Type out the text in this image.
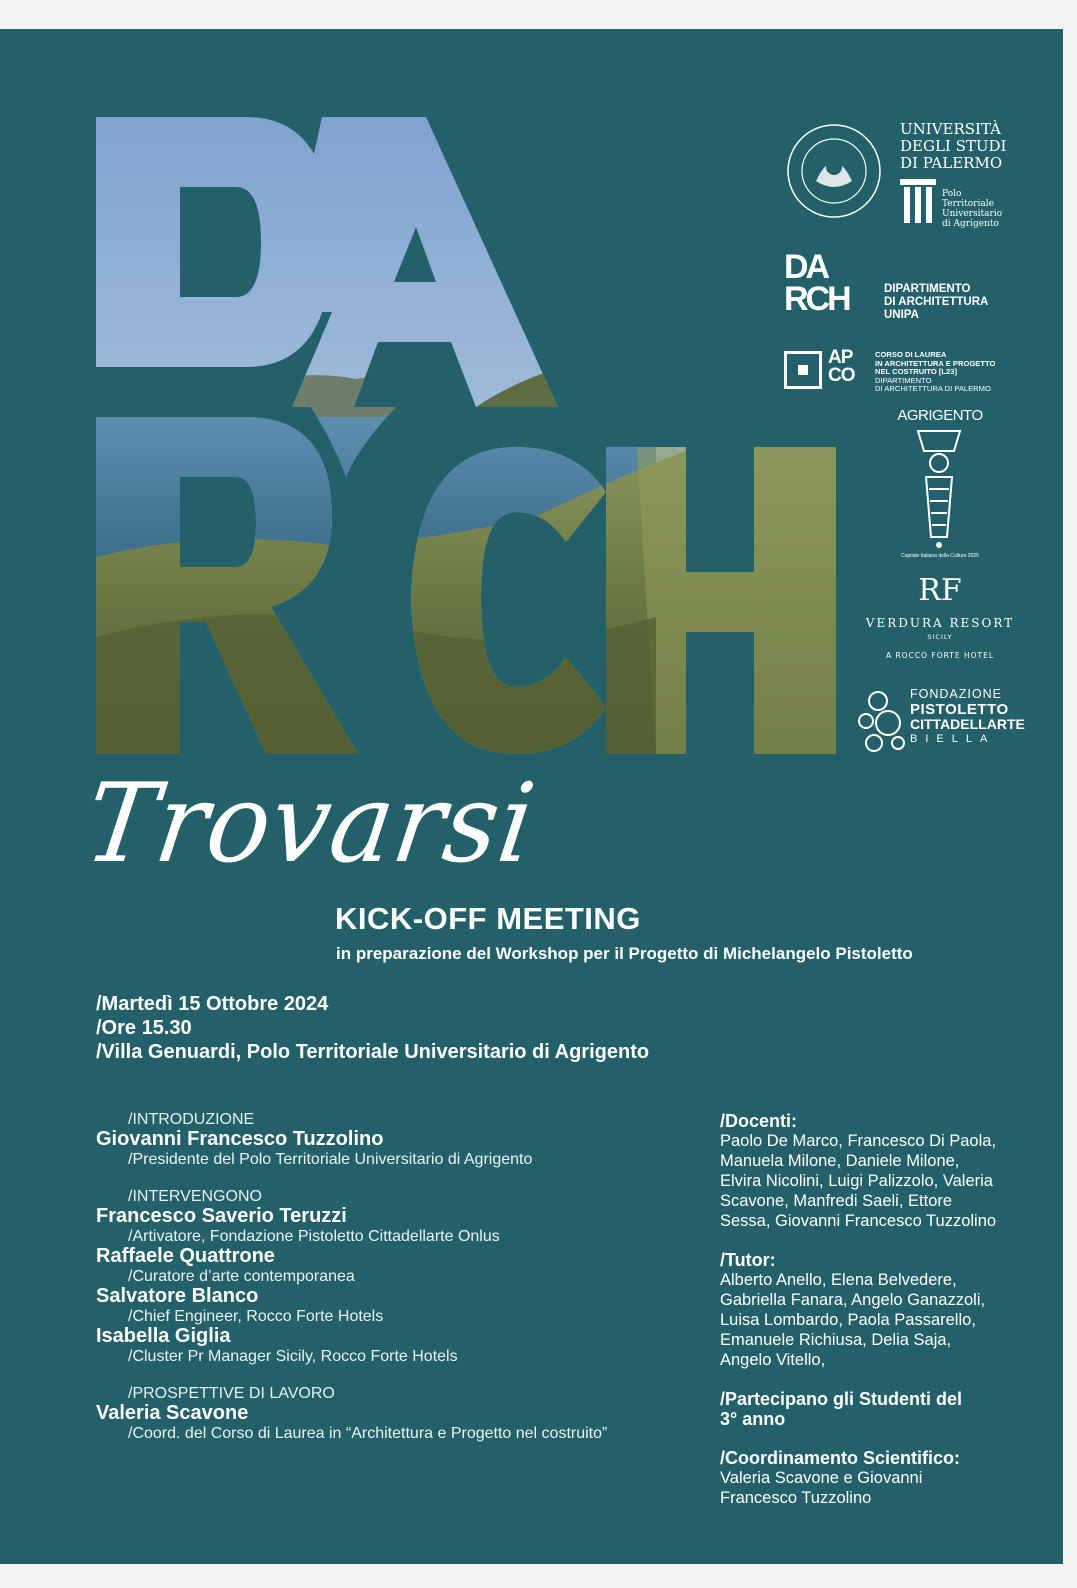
UNIVERSITÀ
DEGLI STUDI
DI PALERMO
Polo
Territoriale
Universitario
di Agrigento
DA
RCH	DIPARTIMENTO
DI ARCHITETTURA
UNIPA
AP
CO
CORSO DI LAUREA
IN ARCHITETTURA E PROGETTO
NEL COSTRUITO [L23]
DIPARTIMENTO
DI ARCHITETTURA DI PALERMO
AGRIGENTO
Capitale Italiana della Cultura 2025
RF
VERDURA RESORT
SICILY
A ROCCO FORTE HOTEL
FONDAZIONE
PISTOLETTO
CITTADELLARTE
BIELLA
Trovarsi
KICK-OFF MEETING
in preparazione del Workshop per il Progetto di Michelangelo Pistoletto
/Martedì 15 Ottobre 2024
/Ore 15.30
/Villa Genuardi, Polo Territoriale Universitario di Agrigento
/INTRODUZIONE
Giovanni Francesco Tuzzolino
/Presidente del Polo Territoriale Universitario di Agrigento
/INTERVENGONO
Francesco Saverio Teruzzi
/Artivatore, Fondazione Pistoletto Cittadellarte Onlus
Raffaele Quattrone
/Curatore d’arte contemporanea
Salvatore Blanco
/Chief Engineer, Rocco Forte Hotels
Isabella Giglia
/Cluster Pr Manager Sicily, Rocco Forte Hotels
/PROSPETTIVE DI LAVORO
Valeria Scavone
/Coord. del Corso di Laurea in “Architettura e Progetto nel costruito”
/Docenti:
Paolo De Marco, Francesco Di Paola,
Manuela Milone, Daniele Milone,
Elvira Nicolini, Luigi Palizzolo, Valeria
Scavone, Manfredi Saeli, Ettore
Sessa, Giovanni Francesco Tuzzolino
/Tutor:
Alberto Anello, Elena Belvedere,
Gabriella Fanara, Angelo Ganazzoli,
Luisa Lombardo, Paola Passarello,
Emanuele Richiusa, Delia Saja,
Angelo Vitello,
/Partecipano gli Studenti del
3° anno
/Coordinamento Scientifico:
Valeria Scavone e Giovanni
Francesco Tuzzolino
